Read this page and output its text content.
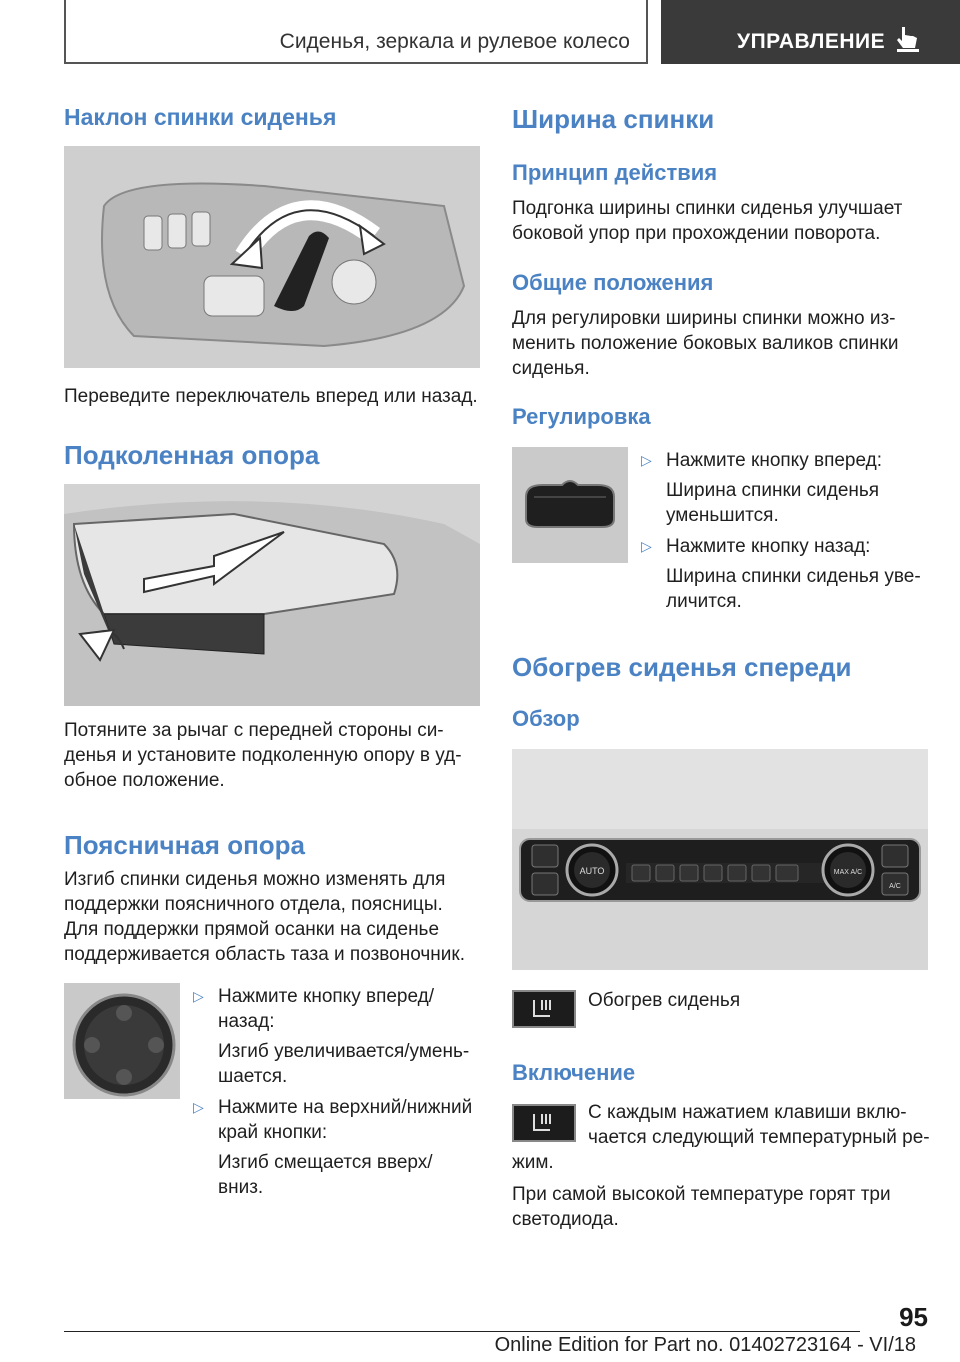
Сиденья, зеркала и рулевое колесо	УПРАВЛЕНИЕ
Наклон спинки сиденья
Переведите переключатель вперед или назад.
Подколенная опора
Потяните за рычаг с передней стороны си‐
денья и установите подколенную опору в уд‐
обное положение.
Поясничная опора
Изгиб спинки сиденья можно изменять для
поддержки поясничного отдела, поясницы.
Для поддержки прямой осанки на сиденье
поддерживается область таза и позвоночник.
▷ Нажмите кнопку вперед/
назад:
Изгиб увеличивается/умень‐
шается.
▷ Нажмите на верхний/нижний
край кнопки:
Изгиб смещается вверх/
вниз.
Ширина спинки
Принцип действия
Подгонка ширины спинки сиденья улучшает
боковой упор при прохождении поворота.
Общие положения
Для регулировки ширины спинки можно из‐
менить положение боковых валиков спинки
сиденья.
Регулировка
▷ Нажмите кнопку вперед:
Ширина спинки сиденья
уменьшится.
▷ Нажмите кнопку назад:
Ширина спинки сиденья уве‐
личится.
Обогрев сиденья спереди
Обзор
AUTO	MAX A/C
A/C
Обогрев сиденья
Включение
С каждым нажатием клавиши вклю‐
чается следующий температурный ре‐
жим.
При самой высокой температуре горят три
светодиода.
95
Online Edition for Part no. 01402723164 - VI/18
